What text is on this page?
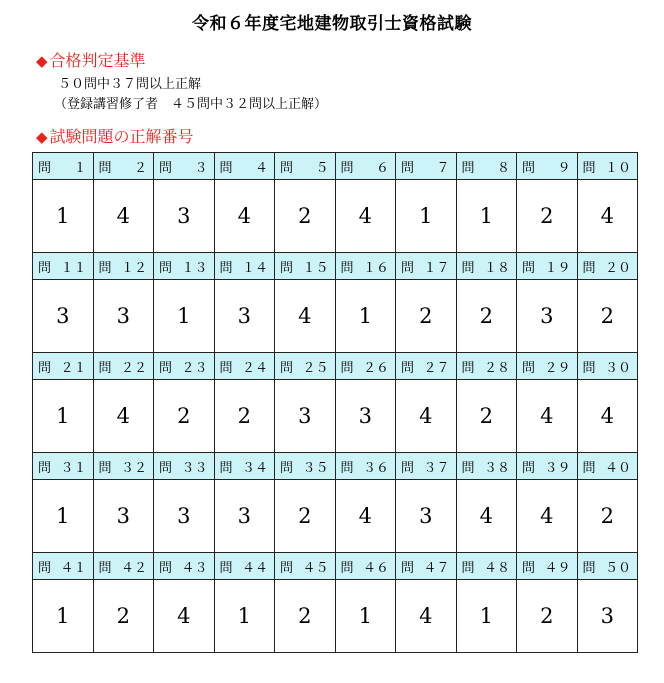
令和６年度宅地建物取引士資格試験
◆ 合格判定基準
５０問中３７問以上正解
（登録講習修了者　４５問中３２問以上正解）
◆ 試験問題の正解番号
問 １	問 ２	問 ３	問 ４	問 ５	問 ６	問 ７	問 ８	問 ９	問 １０

1	4	3	4	2	4	1	1	2	4

問 １１	問 １２	問 １３	問 １４	問 １５	問 １６	問 １７	問 １８	問 １９	問 ２０

3	3	1	3	4	1	2	2	3	2

問 ２１	問 ２２	問 ２３	問 ２４	問 ２５	問 ２６	問 ２７	問 ２８	問 ２９	問 ３０

1	4	2	2	3	3	4	2	4	4

問 ３１	問 ３２	問 ３３	問 ３４	問 ３５	問 ３６	問 ３７	問 ３８	問 ３９	問 ４０

1	3	3	3	2	4	3	4	4	2

問 ４１	問 ４２	問 ４３	問 ４４	問 ４５	問 ４６	問 ４７	問 ４８	問 ４９	問 ５０

1	2	4	1	2	1	4	1	2	3
